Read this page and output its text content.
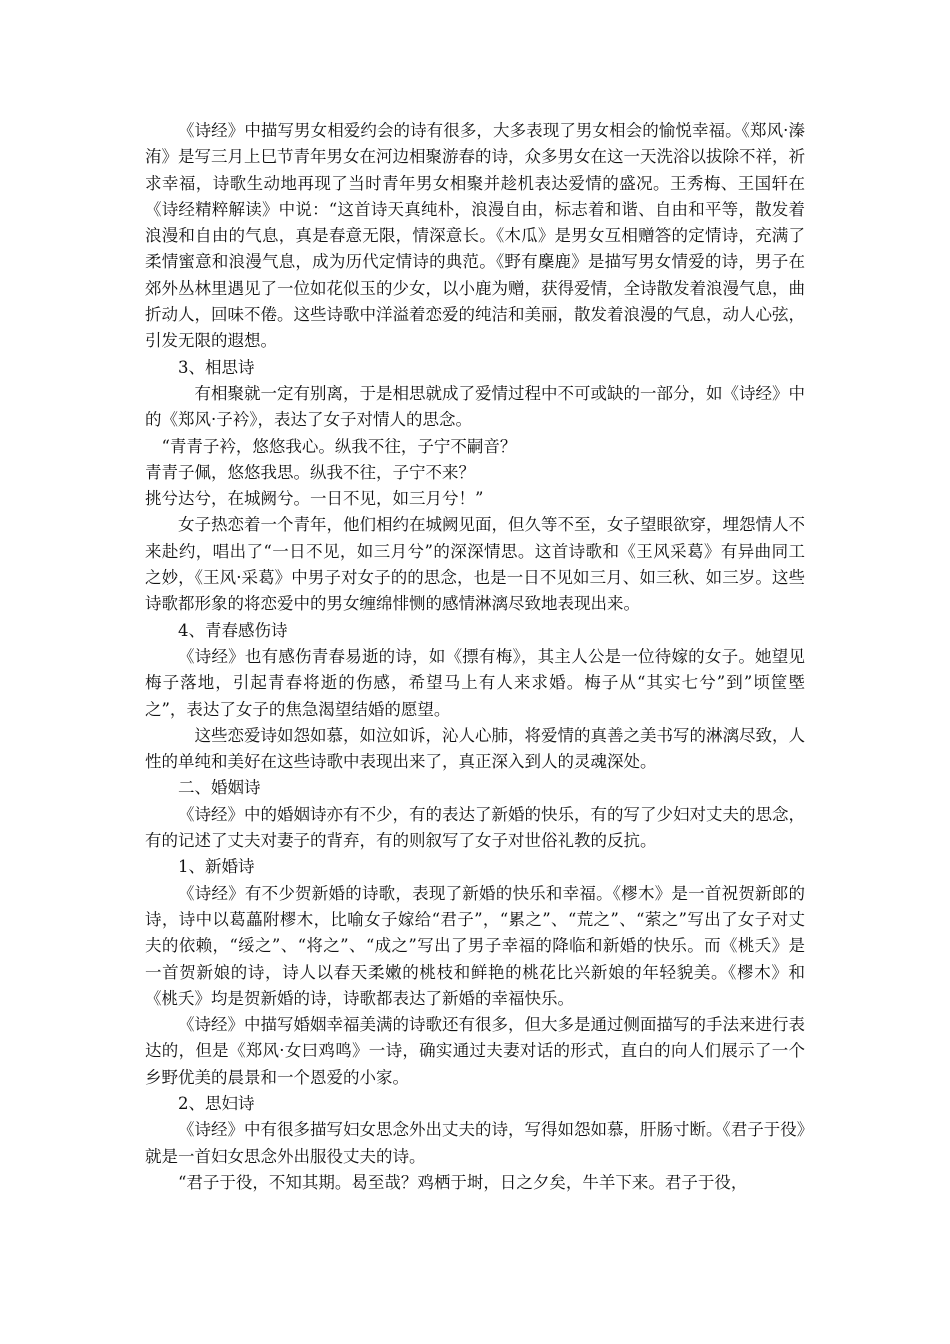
《诗经》中描写男女相爱约会的诗有很多，大多表现了男女相会的愉悦幸福。《郑风·溱洧》是写三月上巳节青年男女在河边相聚游春的诗，众多男女在这一天洗浴以拔除不祥，祈求幸福，诗歌生动地再现了当时青年男女相聚并趁机表达爱情的盛况。王秀梅、王国轩在《诗经精粹解读》中说：“这首诗天真纯朴，浪漫自由，标志着和谐、自由和平等，散发着浪漫和自由的气息，真是春意无限，情深意长。《木瓜》是男女互相赠答的定情诗，充满了柔情蜜意和浪漫气息，成为历代定情诗的典范。《野有麇鹿》是描写男女情爱的诗，男子在郊外丛林里遇见了一位如花似玉的少女，以小鹿为赠，获得爱情，全诗散发着浪漫气息，曲折动人，回味不倦。这些诗歌中洋溢着恋爱的纯洁和美丽，散发着浪漫的气息，动人心弦，引发无限的遐想。

3、相思诗

有相聚就一定有别离，于是相思就成了爱情过程中不可或缺的一部分，如《诗经》中的《郑风·子衿》，表达了女子对情人的思念。

“青青子衿，悠悠我心。纵我不往，子宁不嗣音？

青青子佩，悠悠我思。纵我不往，子宁不来？

挑兮达兮，在城阙兮。一日不见，如三月兮！”

女子热恋着一个青年，他们相约在城阙见面，但久等不至，女子望眼欲穿，埋怨情人不来赴约，唱出了“一日不见，如三月兮”的深深情思。这首诗歌和《王风采葛》有异曲同工之妙，《王风·采葛》中男子对女子的的思念，也是一日不见如三月、如三秋、如三岁。这些诗歌都形象的将恋爱中的男女缠绵悱恻的感情淋漓尽致地表现出来。

4、青春感伤诗

《诗经》也有感伤青春易逝的诗，如《摽有梅》，其主人公是一位待嫁的女子。她望见梅子落地，引起青春将逝的伤感，希望马上有人来求婚。梅子从“其实七兮”到”顷筐塈之”，表达了女子的焦急渴望结婚的愿望。

这些恋爱诗如怨如慕，如泣如诉，沁人心肺，将爱情的真善之美书写的淋漓尽致，人性的单纯和美好在这些诗歌中表现出来了，真正深入到人的灵魂深处。

二、婚姻诗

《诗经》中的婚姻诗亦有不少，有的表达了新婚的快乐，有的写了少妇对丈夫的思念，有的记述了丈夫对妻子的背弃，有的则叙写了女子对世俗礼教的反抗。

1、新婚诗

《诗经》有不少贺新婚的诗歌，表现了新婚的快乐和幸福。《樛木》是一首祝贺新郎的诗，诗中以葛藟附樛木，比喻女子嫁给“君子”，“累之”、“荒之”、“萦之”写出了女子对丈夫的依赖，“绥之”、“将之”、“成之”写出了男子幸福的降临和新婚的快乐。而《桃夭》是一首贺新娘的诗，诗人以春天柔嫩的桃枝和鲜艳的桃花比兴新娘的年轻貌美。《樛木》和《桃夭》均是贺新婚的诗，诗歌都表达了新婚的幸福快乐。

《诗经》中描写婚姻幸福美满的诗歌还有很多，但大多是通过侧面描写的手法来进行表达的，但是《郑风·女曰鸡鸣》一诗，确实通过夫妻对话的形式，直白的向人们展示了一个乡野优美的晨景和一个恩爱的小家。

2、思妇诗

《诗经》中有很多描写妇女思念外出丈夫的诗，写得如怨如慕，肝肠寸断。《君子于役》就是一首妇女思念外出服役丈夫的诗。

“君子于役，不知其期。曷至哉？鸡栖于埘，日之夕矣，牛羊下来。君子于役，
